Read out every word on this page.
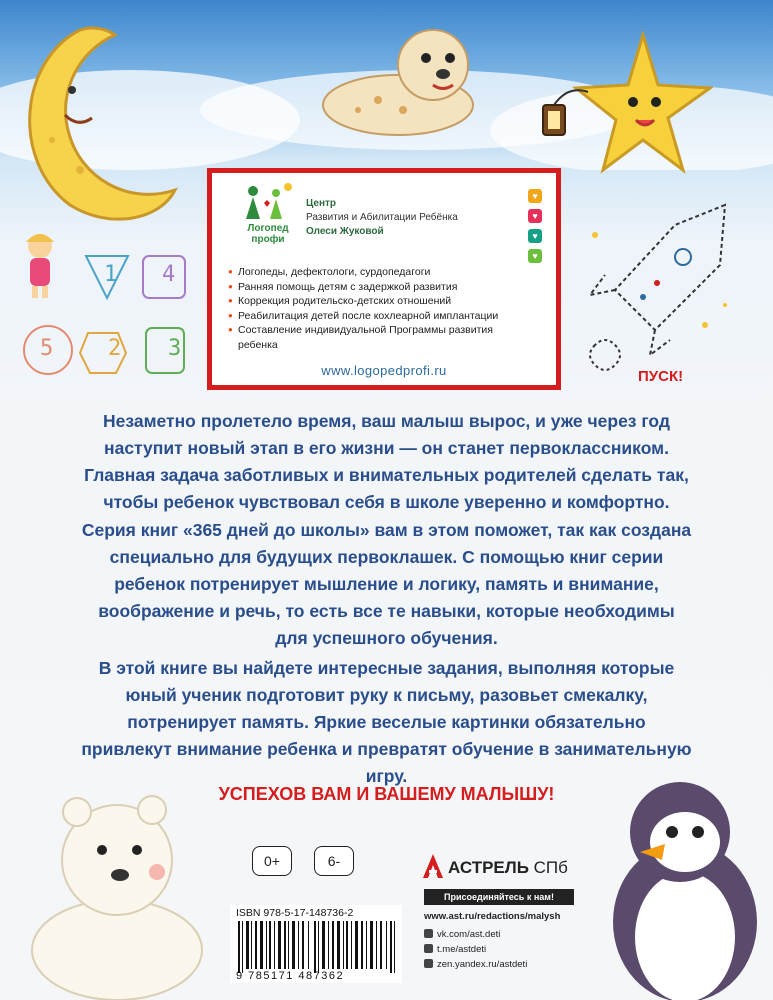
1 4
5 2 3
Логопед профи
Центр
Развития и Абилитации Ребёнка
Олеси Жуковой
♥
♥
♥
♥
● Логопеды, дефектологи, сурдопедагоги
● Ранняя помощь детям с задержкой развития
● Коррекция родительско-детских отношений
● Реабилитация детей после кохлеарной имплантации
● Составление индивидуальной Программы развития ребенка
www.logopedprofi.ru	ПУСК!
Незаметно пролетело время, ваш малыш вырос, и уже через год наступит новый этап в его жизни — он станет первоклассником. Главная задача заботливых и внимательных родителей сделать так, чтобы ребенок чувствовал себя в школе уверенно и комфортно.
Серия книг «365 дней до школы» вам в этом поможет, так как создана специально для будущих первоклашек. С помощью книг серии ребенок потренирует мышление и логику, память и внимание, воображение и речь, то есть все те навыки, которые необходимы для успешного обучения.
В этой книге вы найдете интересные задания, выполняя которые юный ученик подготовит руку к письму, разовьет смекалку, потренирует память. Яркие веселые картинки обязательно привлекут внимание ребенка и превратят обучение в занимательную игру.
УСПЕХОВ ВАМ И ВАШЕМУ МАЛЫШУ!
0+	6-
ISBN 978-5-17-148736-2
9 785171 487362
АСТРЕЛЬ СПб
Присоединяйтесь к нам!
www.ast.ru/redactions/malysh
vk.com/ast.deti
t.me/astdeti
zen.yandex.ru/astdeti
